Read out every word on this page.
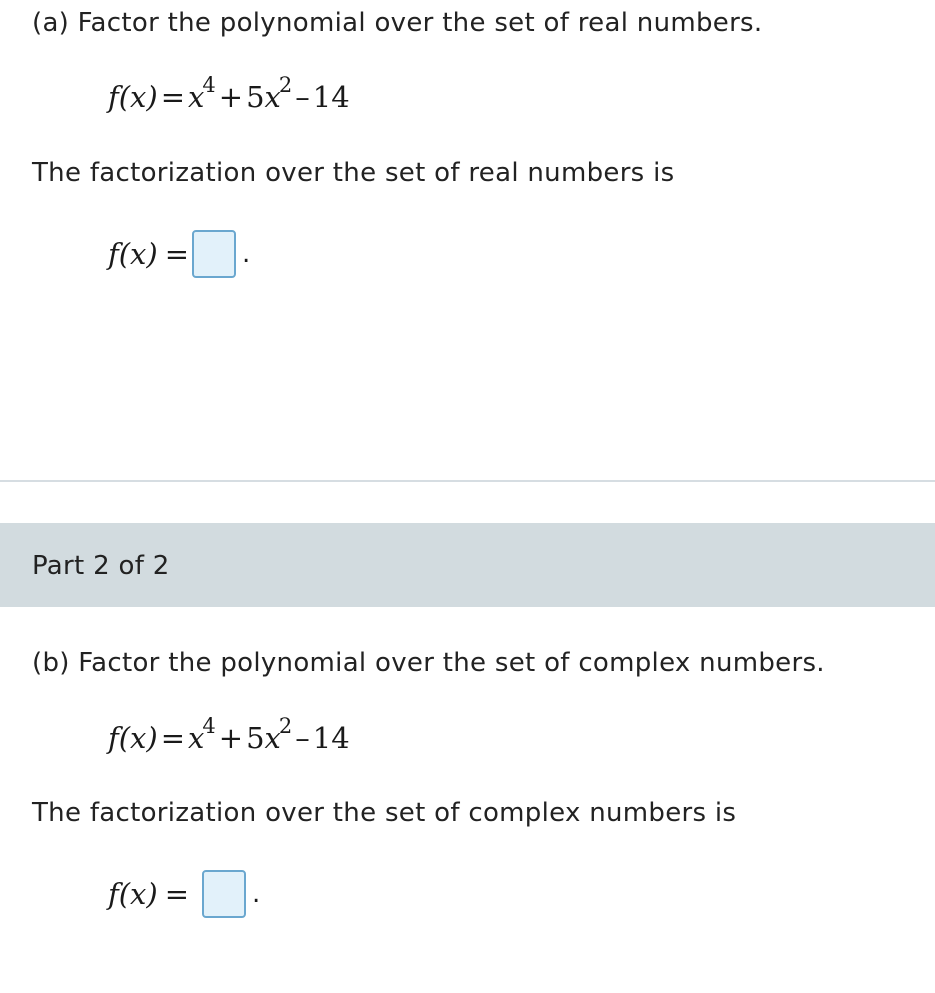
(a) Factor the polynomial over the set of real numbers.
$f(x) = x^4 + 5x^2 - 14$
The factorization over the set of real numbers is
f(x) = .
Part 2 of 2
(b) Factor the polynomial over the set of complex numbers.
$f(x) = x^4 + 5x^2 - 14$
The factorization over the set of complex numbers is
f(x) = .
